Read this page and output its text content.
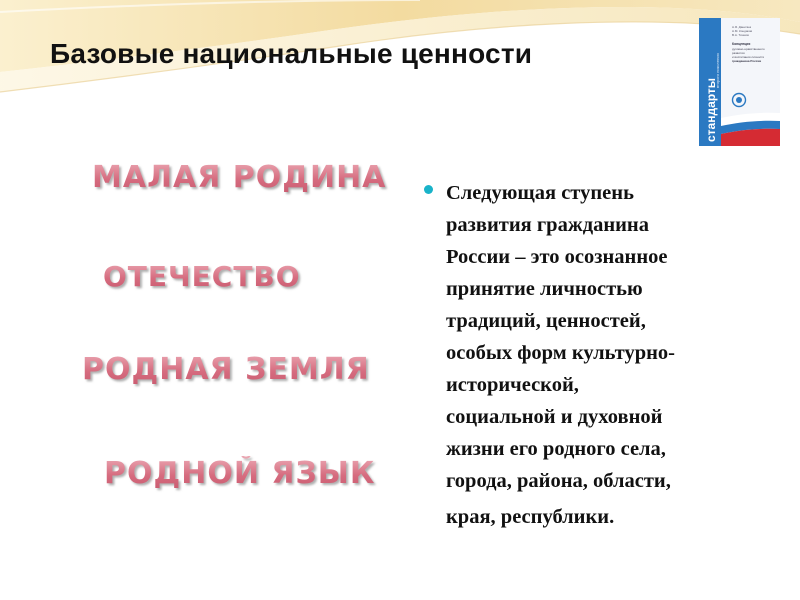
Базовые национальные ценности
стандарты
второго поколения
А.Я. Данилюк
А.М. Кондаков
В.А. Тишков
Концепция
духовно-нравственного
развития
и воспитания личности
гражданина России
МАЛАЯ РОДИНА
ОТЕЧЕСТВО
РОДНАЯ ЗЕМЛЯ
РОДНОЙ ЯЗЫК

Следующая ступень
развития гражданина
России – это осознанное
принятие личностью
традиций, ценностей,
особых форм культурно-
исторической,
социальной и духовной
жизни его родного села,
города, района, области,
края, республики.
